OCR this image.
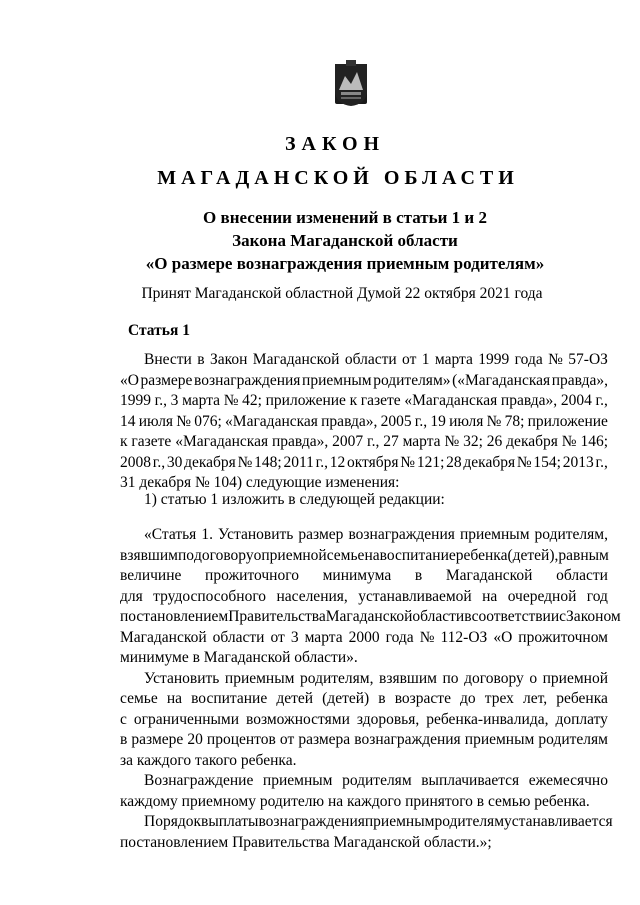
ЗАКОН
МАГАДАНСКОЙ ОБЛАСТИ
О внесении изменений в статьи 1 и 2
Закона Магаданской области
«О размере вознаграждения приемным родителям»
Принят Магаданской областной Думой 22 октября 2021 года
Статья 1
Внести в Закон Магаданской области от 1 марта 1999 года № 57-ОЗ
«О размере вознаграждения приемным родителям» («Магаданская правда»,
1999 г., 3 марта № 42; приложение к газете «Магаданская правда», 2004 г.,
14 июля № 076; «Магаданская правда», 2005 г., 19 июля № 78; приложение
к газете «Магаданская правда», 2007 г., 27 марта № 32; 26 декабря № 146;
2008 г., 30 декабря № 148; 2011 г., 12 октября № 121; 28 декабря № 154; 2013 г.,
31 декабря № 104) следующие изменения:
1) статью 1 изложить в следующей редакции:
«Статья 1. Установить размер вознаграждения приемным родителям,
взявшим по договору о приемной семье на воспитание ребенка (детей), равным
величине прожиточного минимума в Магаданской области
для трудоспособного населения, устанавливаемой на очередной год
постановлением Правительства Магаданской области в соответствии с Законом
Магаданской области от 3 марта 2000 года № 112-ОЗ «О прожиточном
минимуме в Магаданской области».
Установить приемным родителям, взявшим по договору о приемной
семье на воспитание детей (детей) в возрасте до трех лет, ребенка
с ограниченными возможностями здоровья, ребенка-инвалида, доплату
в размере 20 процентов от размера вознаграждения приемным родителям
за каждого такого ребенка.
Вознаграждение приемным родителям выплачивается ежемесячно
каждому приемному родителю на каждого принятого в семью ребенка.
Порядок выплаты вознаграждения приемным родителям устанавливается
постановлением Правительства Магаданской области.»;
